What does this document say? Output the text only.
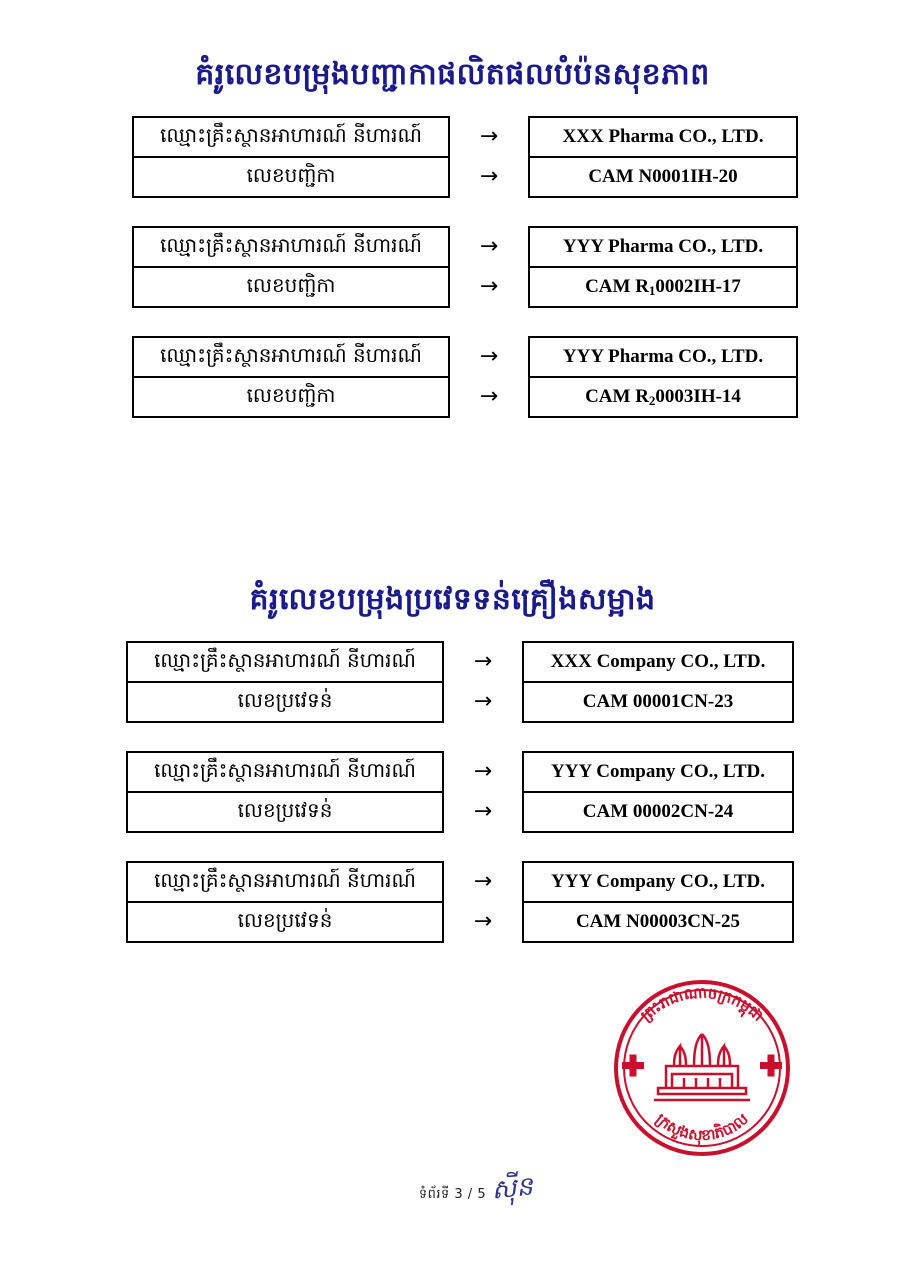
គំរូលេខបម្រុងបញ្ជាកាផលិតផលបំប៉នសុខភាព
ឈ្មោះគ្រឹះស្ថានអាហារណ៍ នីហារណ៍	→	XXX Pharma CO., LTD.
លេខបញ្ជិកា	→	CAM N0001IH-20
ឈ្មោះគ្រឹះស្ថានអាហារណ៍ នីហារណ៍	→	YYY Pharma CO., LTD.
លេខបញ្ជិកា	→	CAM $R_10002IH-17$
ឈ្មោះគ្រឹះស្ថានអាហារណ៍ នីហារណ៍	→	YYY Pharma CO., LTD.
លេខបញ្ជិកា	→	CAM $R_20003IH-14$
គំរូលេខបម្រុងប្រវេទទន់គ្រឿងសម្អាង
ឈ្មោះគ្រឹះស្ថានអាហារណ៍ នីហារណ៍	→	XXX Company CO., LTD.
លេខប្រវេទន់	→	CAM 00001CN-23
ឈ្មោះគ្រឹះស្ថានអាហារណ៍ នីហារណ៍	→	YYY Company CO., LTD.
លេខប្រវេទន់	→	CAM 00002CN-24
ឈ្មោះគ្រឹះស្ថានអាហារណ៍ នីហារណ៍	→	YYY Company CO., LTD.
លេខប្រវេទន់	→	CAM N00003CN-25
ព្រះរាជាណាចក្រកម្ពុជា
ក្រសួងសុខាភិបាល
ទំព័រទី 3 / 5 ស៊ីន
